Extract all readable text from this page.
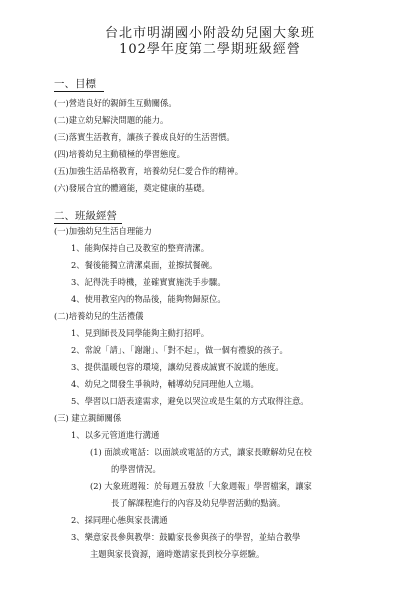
台北市明湖國小附設幼兒園大象班
102學年度第二學期班級經營
一、目標
(一)營造良好的親師生互動關係。
(二)建立幼兒解決問題的能力。
(三)落實生活教育，讓孩子養成良好的生活習慣。
(四)培養幼兒主動積極的學習態度。
(五)加強生活品格教育，培養幼兒仁愛合作的精神。
(六)發展合宜的體適能，奠定健康的基礎。
二、班級經營
(一)加強幼兒生活自理能力
1、能夠保持自己及教室的整齊清潔。
2、餐後能獨立清潔桌面，並擦拭餐碗。
3、記得洗手時機，並確實實施洗手步驟。
4、使用教室內的物品後，能夠物歸原位。
(二)培養幼兒的生活禮儀
1、見到師長及同學能夠主動打招呼。
2、常說「請」、「謝謝」、「對不起」，做一個有禮貌的孩子。
3、提供溫暖包容的環境，讓幼兒養成誠實不說謊的態度。
4、幼兒之間發生爭執時，輔導幼兒同理他人立場。
5、學習以口語表達需求，避免以哭泣或是生氣的方式取得注意。
(三) 建立親師關係
1、以多元管道進行溝通
(1) 面談或電話：以面談或電話的方式，讓家長瞭解幼兒在校
的學習情況。
(2) 大象班週報：於每週五發放「大象週報」學習檔案，讓家
長了解課程進行的內容及幼兒學習活動的點滴。
2、採同理心態與家長溝通
3、樂意家長參與教學：鼓勵家長參與孩子的學習，並結合教學
主題與家長資源，適時邀請家長到校分享經驗。
